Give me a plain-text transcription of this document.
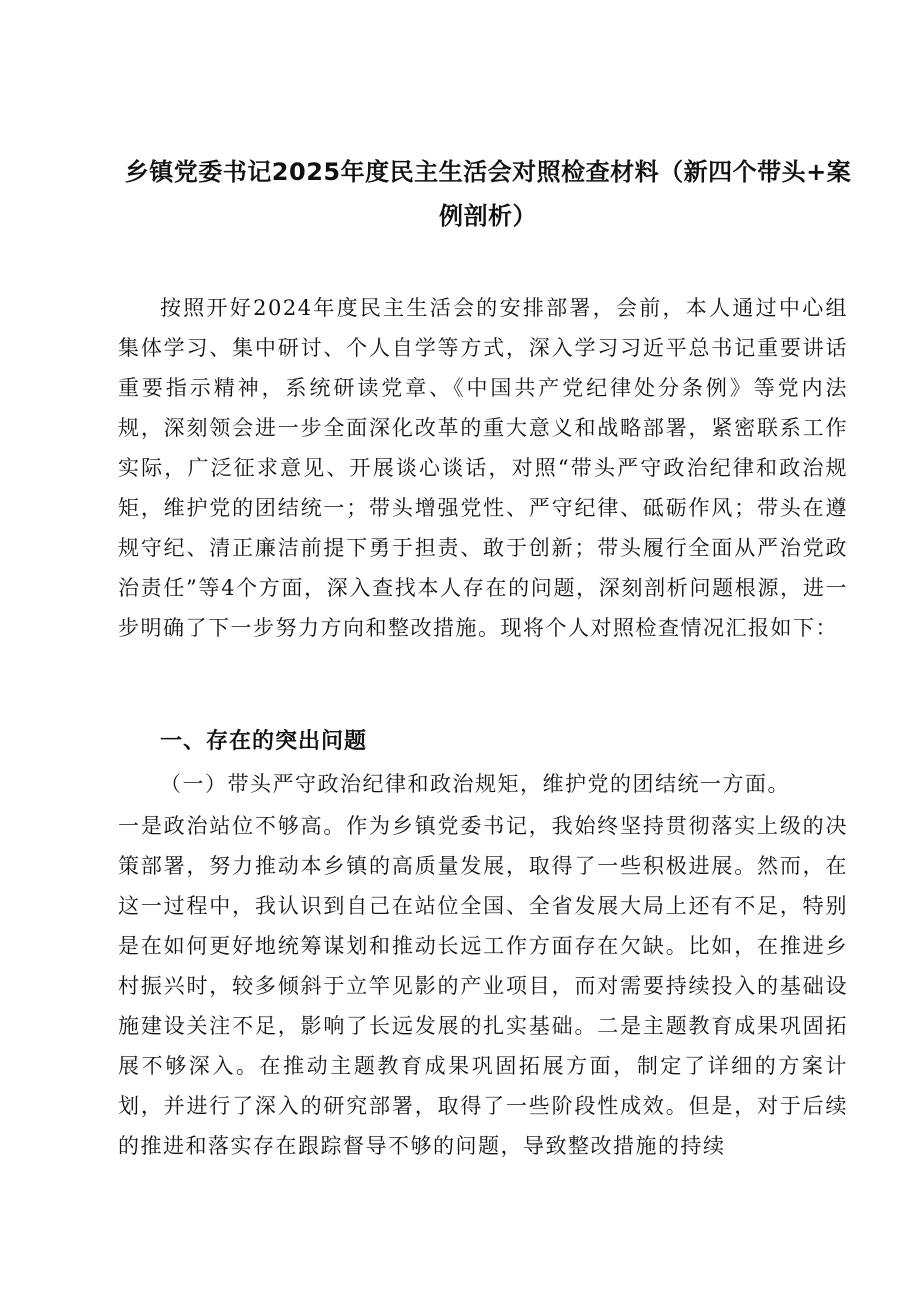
乡镇党委书记2025年度民主生活会对照检查材料（新四个带头+案例剖析）
按照开好2024年度民主生活会的安排部署，会前，本人通过中心组集体学习、集中研讨、个人自学等方式，深入学习习近平总书记重要讲话重要指示精神，系统研读党章、《中国共产党纪律处分条例》等党内法规，深刻领会进一步全面深化改革的重大意义和战略部署，紧密联系工作实际，广泛征求意见、开展谈心谈话，对照“带头严守政治纪律和政治规矩，维护党的团结统一；带头增强党性、严守纪律、砥砺作风；带头在遵规守纪、清正廉洁前提下勇于担责、敢于创新；带头履行全面从严治党政治责任”等4个方面，深入查找本人存在的问题，深刻剖析问题根源，进一步明确了下一步努力方向和整改措施。现将个人对照检查情况汇报如下：
一、存在的突出问题
（一）带头严守政治纪律和政治规矩，维护党的团结统一方面。
一是政治站位不够高。作为乡镇党委书记，我始终坚持贯彻落实上级的决策部署，努力推动本乡镇的高质量发展，取得了一些积极进展。然而，在这一过程中，我认识到自己在站位全国、全省发展大局上还有不足，特别是在如何更好地统筹谋划和推动长远工作方面存在欠缺。比如，在推进乡村振兴时，较多倾斜于立竿见影的产业项目，而对需要持续投入的基础设施建设关注不足，影响了长远发展的扎实基础。二是主题教育成果巩固拓展不够深入。在推动主题教育成果巩固拓展方面，制定了详细的方案计划，并进行了深入的研究部署，取得了一些阶段性成效。但是，对于后续的推进和落实存在跟踪督导不够的问题，导致整改措施的持续
